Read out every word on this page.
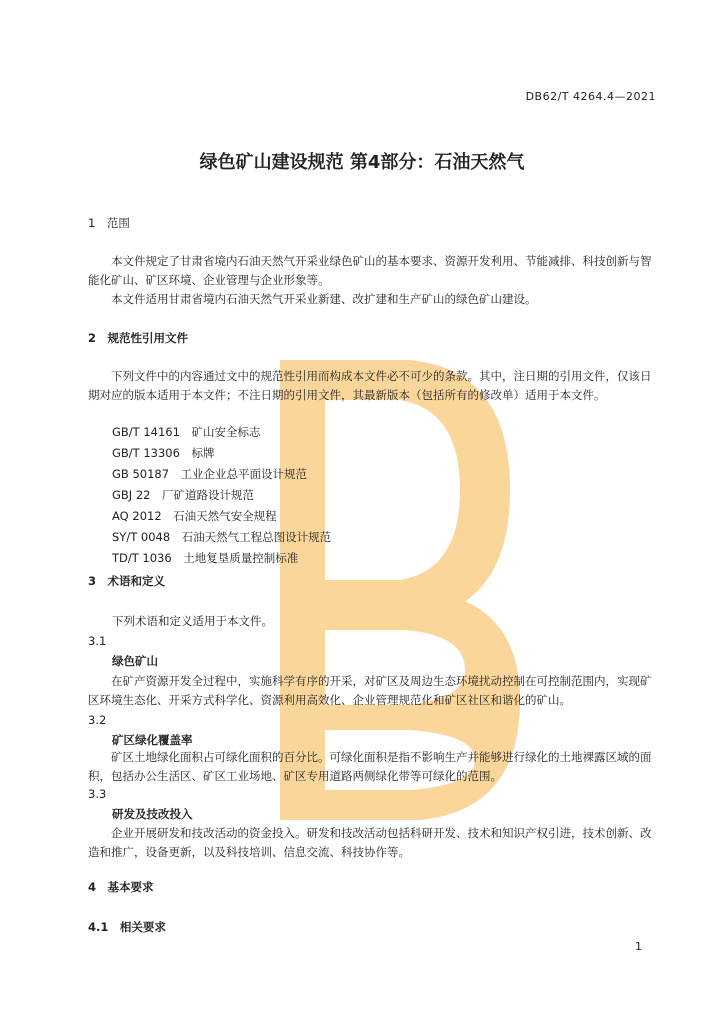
DB62/T 4264.4—2021
绿色矿山建设规范 第4部分：石油天然气
1　范围
本文件规定了甘肃省境内石油天然气开采业绿色矿山的基本要求、资源开发利用、节能减排、科技创新与智能化矿山、矿区环境、企业管理与企业形象等。
本文件适用甘肃省境内石油天然气开采业新建、改扩建和生产矿山的绿色矿山建设。
2　规范性引用文件
下列文件中的内容通过文中的规范性引用而构成本文件必不可少的条款。其中，注日期的引用文件，仅该日期对应的版本适用于本文件；不注日期的引用文件，其最新版本（包括所有的修改单）适用于本文件。
GB/T 14161　矿山安全标志
GB/T 13306　标牌
GB 50187　工业企业总平面设计规范
GBJ 22　厂矿道路设计规范
AQ 2012　石油天然气安全规程
SY/T 0048　石油天然气工程总图设计规范
TD/T 1036　土地复垦质量控制标准
3　术语和定义
下列术语和定义适用于本文件。
3.1
绿色矿山
在矿产资源开发全过程中，实施科学有序的开采，对矿区及周边生态环境扰动控制在可控制范围内，实现矿区环境生态化、开采方式科学化、资源利用高效化、企业管理规范化和矿区社区和谐化的矿山。
3.2
矿区绿化覆盖率
矿区土地绿化面积占可绿化面积的百分比。可绿化面积是指不影响生产并能够进行绿化的土地裸露区域的面积，包括办公生活区、矿区工业场地、矿区专用道路两侧绿化带等可绿化的范围。
3.3
研发及技改投入
企业开展研发和技改活动的资金投入。研发和技改活动包括科研开发、技术和知识产权引进，技术创新、改造和推广，设备更新，以及科技培训、信息交流、科技协作等。
4　基本要求
4.1　相关要求
1
